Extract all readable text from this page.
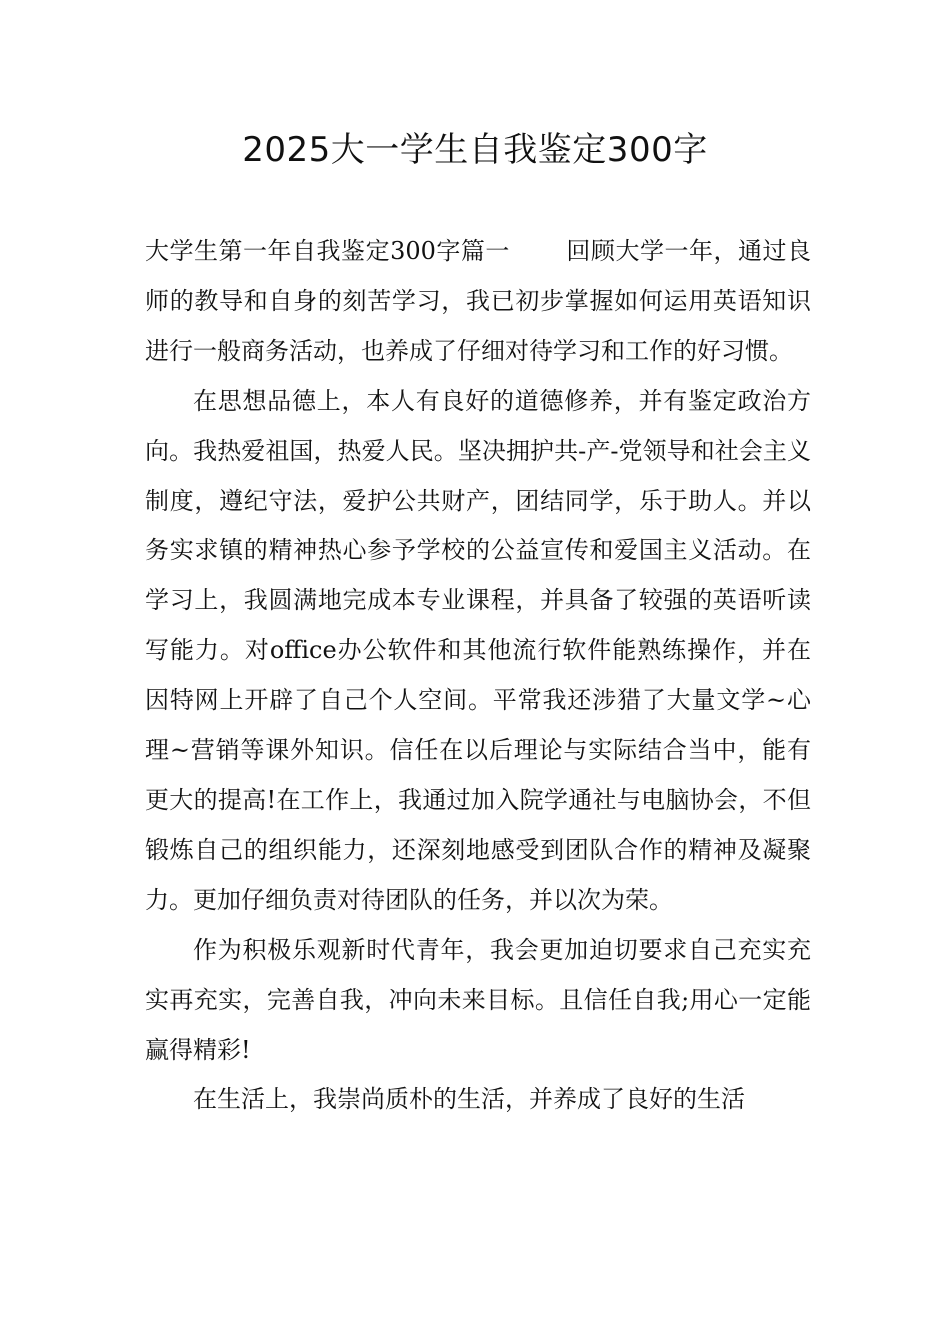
2025大一学生自我鉴定300字

大学生第一年自我鉴定300字篇一 回顾大学一年，通过良师的教导和自身的刻苦学习，我已初步掌握如何运用英语知识进行一般商务活动，也养成了仔细对待学习和工作的好习惯。

在思想品德上，本人有良好的道德修养，并有鉴定政治方向。我热爱祖国，热爱人民。坚决拥护共-产-党领导和社会主义制度，遵纪守法，爱护公共财产，团结同学，乐于助人。并以务实求镇的精神热心参予学校的公益宣传和爱国主义活动。在学习上，我圆满地完成本专业课程，并具备了较强的英语听读写能力。对office办公软件和其他流行软件能熟练操作，并在因特网上开辟了自己个人空间。平常我还涉猎了大量文学~心理~营销等课外知识。信任在以后理论与实际结合当中，能有更大的提高!在工作上，我通过加入院学通社与电脑协会，不但锻炼自己的组织能力，还深刻地感受到团队合作的精神及凝聚力。更加仔细负责对待团队的任务，并以次为荣。

作为积极乐观新时代青年，我会更加迫切要求自己充实充实再充实，完善自我，冲向未来目标。且信任自我;用心一定能赢得精彩!

在生活上，我崇尚质朴的生活，并养成了良好的生活
